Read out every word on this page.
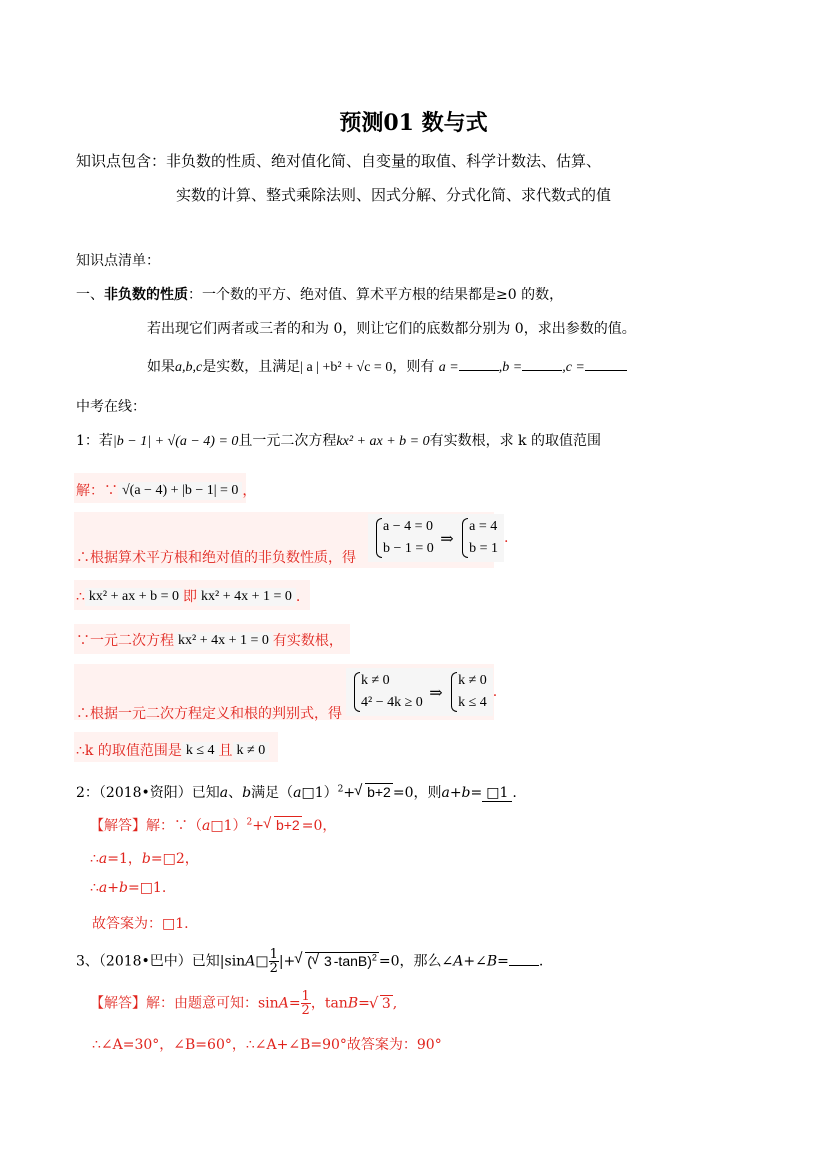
预测01 数与式
知识点包含：非负数的性质、绝对值化简、自变量的取值、科学计数法、估算、
实数的计算、整式乘除法则、因式分解、分式化简、求代数式的值
知识点清单：
一、非负数的性质：一个数的平方、绝对值、算术平方根的结果都是≥0 的数，
若出现它们两者或三者的和为 0，则让它们的底数都分别为 0，求出参数的值。
如果a,b,c是实数，且满足| a | +b² + √c = 0，则有 a =	,b =	,c =
中考在线：
1：若|b − 1| + √(a − 4) = 0且一元二次方程kx² + ax + b = 0有实数根，求 k 的取值范围
解：∵ √(a − 4) + |b − 1| = 0 ，
∴根据算术平方根和绝对值的非负数性质，得
a − 4 = 0
b − 1 = 0 ⇒ a = 4
b = 1.
∴ kx² + ax + b = 0 即 kx² + 4x + 1 = 0 .
∵一元二次方程 kx² + 4x + 1 = 0 有实数根，
∴根据一元二次方程定义和根的判别式，得
k ≠ 0
4² − 4k ≥ 0 ⇒ k ≠ 0
k ≤ 4.
∴k 的取值范围是 k ≤ 4 且 k ≠ 0
2：（2018•资阳）已知a、b满足（a□1）$^2$+ √ b+2 =0，则a+b= □1 .
【解答】解：∵（a□1）$^2$+ √ b+2 =0，
∴a=1，b=□2，
∴a+b=□1.
故答案为：□1.
3、（2018•巴中）已知|sinA□ $\frac{1}{2}$ |+ √ ( √ 3 -tanB)$^2$ =0，那么∠A+∠B= .
【解答】解：由题意可知：$\sin A= \frac{1}{2}$ ，tanB= √ 3 ,
∴∠A=30°，∠B=60°，∴∠A+∠B=90°故答案为：90°
